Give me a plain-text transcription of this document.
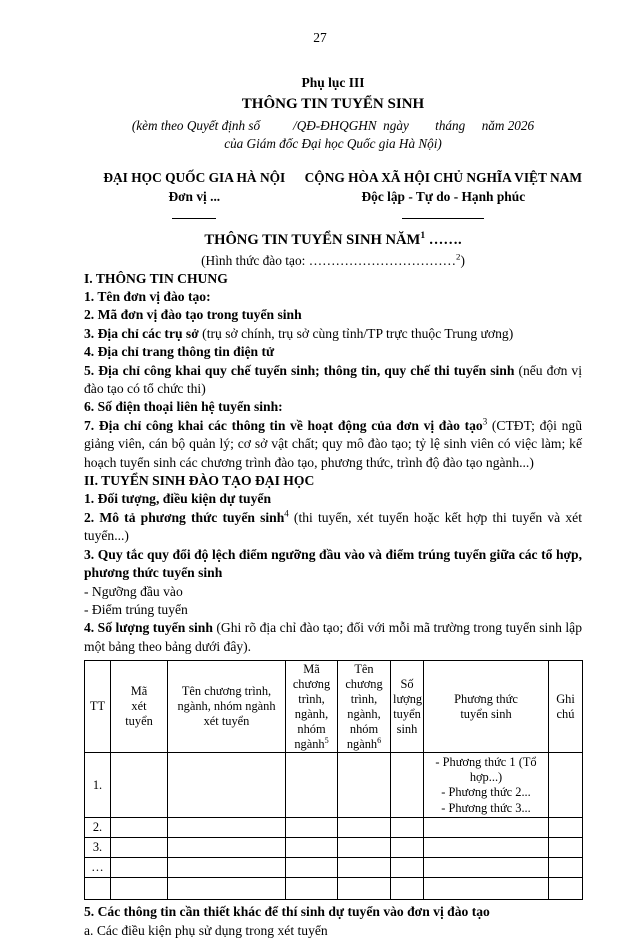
27
Phụ lục III
THÔNG TIN TUYỂN SINH
(kèm theo Quyết định số          /QĐ-ĐHQGHN  ngày        tháng     năm 2026
của Giám đốc Đại học Quốc gia Hà Nội)
ĐẠI HỌC QUỐC GIA HÀ NỘI
Đơn vị ...
CỘNG HÒA XÃ HỘI CHỦ NGHĨA VIỆT NAM
Độc lập - Tự do - Hạnh phúc
THÔNG TIN TUYỂN SINH NĂM$^1$ …….
(Hình thức đào tạo: ……………………………$^2$)
I. THÔNG TIN CHUNG
1. Tên đơn vị đào tạo:
2. Mã đơn vị đào tạo trong tuyển sinh
3. Địa chỉ các trụ sở (trụ sở chính, trụ sở cùng tỉnh/TP trực thuộc Trung ương)
4. Địa chỉ trang thông tin điện tử
5. Địa chỉ công khai quy chế tuyển sinh; thông tin, quy chế thi tuyển sinh (nếu đơn vị đào tạo có tổ chức thi)
6. Số điện thoại liên hệ tuyển sinh:
7. Địa chỉ công khai các thông tin về hoạt động của đơn vị đào tạo$^3$ (CTĐT; đội ngũ giảng viên, cán bộ quản lý; cơ sở vật chất; quy mô đào tạo; tỷ lệ sinh viên có việc làm; kế hoạch tuyển sinh các chương trình đào tạo, phương thức, trình độ đào tạo ngành...)
II. TUYỂN SINH ĐÀO TẠO ĐẠI HỌC
1. Đối tượng, điều kiện dự tuyển
2. Mô tả phương thức tuyển $\sinh^4 (thi$ tuyển, xét tuyển hoặc kết hợp thi tuyển và xét tuyển...)
3. Quy tắc quy đổi độ lệch điểm ngưỡng đầu vào và điểm trúng tuyển giữa các tổ hợp, phương thức tuyển sinh
- Ngưỡng đầu vào
- Điểm trúng tuyển
4. Số lượng tuyển sinh (Ghi rõ địa chỉ đào tạo; đối với mỗi mã trường trong tuyển sinh lập một bảng theo bảng dưới đây).
TT	Mã
xét
tuyển	Tên chương trình,
ngành, nhóm ngành
xét tuyển	Mã
chương
trình,
ngành,
nhóm
ngành$^5$	Tên
chương
trình,
ngành,
nhóm
ngành$^6$	Số
lượng
tuyển
sinh	Phương thức
tuyển sinh	Ghi
chú
1.						- Phương thức 1 (Tổ hợp...)
- Phương thức 2...
- Phương thức 3...	
2.							
3.							
…							

5. Các thông tin cần thiết khác để thí sinh dự tuyển vào đơn vị đào tạo
a. Các điều kiện phụ sử dụng trong xét tuyển
